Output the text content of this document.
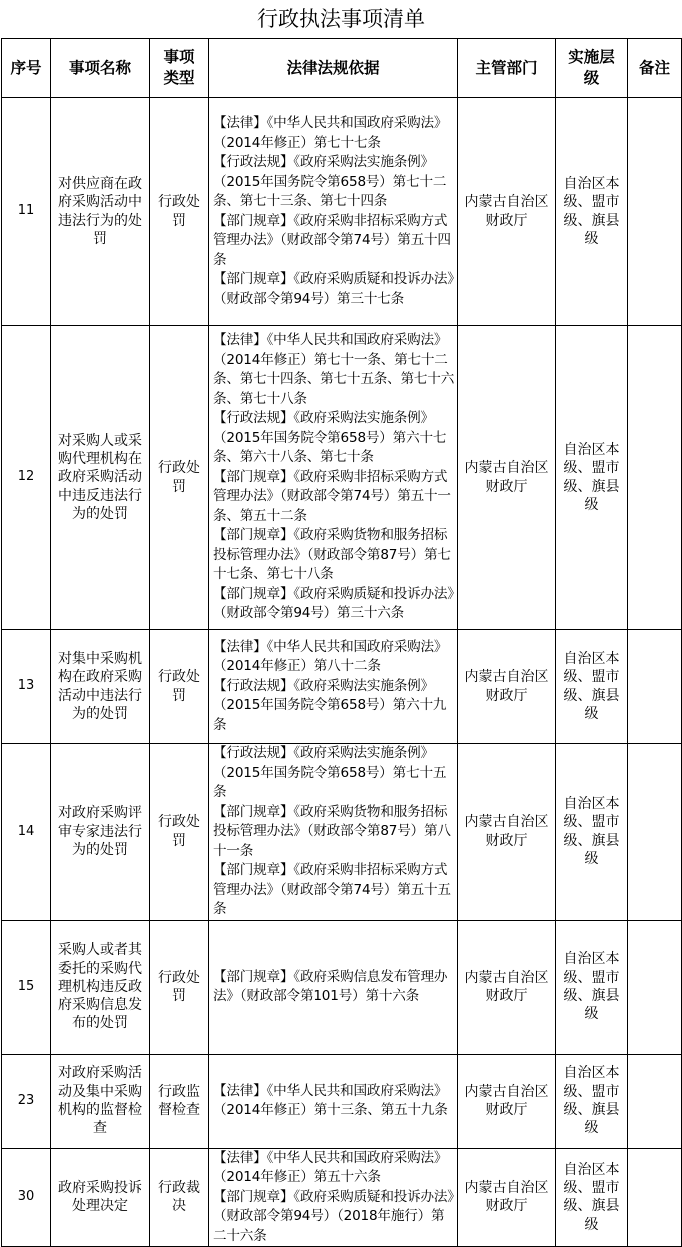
行政执法事项清单
序号	事项名称	事项类型	法律法规依据	主管部门	实施层级	备注
11	对供应商在政府采购活动中违法行为的处罚	行政处罚	【法律】《中华人民共和国政府采购法》（2014年修正）第七十七条
【行政法规】《政府采购法实施条例》（2015年国务院令第658号）第七十二条、第七十三条、第七十四条
【部门规章】《政府采购非招标采购方式管理办法》（财政部令第74号）第五十四条
【部门规章】《政府采购质疑和投诉办法》（财政部令第94号）第三十七条	内蒙古自治区财政厅	自治区本级、盟市级、旗县级	
12	对采购人或采购代理机构在政府采购活动中违反违法行为的处罚	行政处罚	【法律】《中华人民共和国政府采购法》（2014年修正）第七十一条、第七十二条、第七十四条、第七十五条、第七十六条、第七十八条
【行政法规】《政府采购法实施条例》（2015年国务院令第658号）第六十七条、第六十八条、第七十条
【部门规章】《政府采购非招标采购方式管理办法》（财政部令第74号）第五十一条、第五十二条
【部门规章】《政府采购货物和服务招标投标管理办法》（财政部令第87号）第七十七条、第七十八条
【部门规章】《政府采购质疑和投诉办法》（财政部令第94号）第三十六条	内蒙古自治区财政厅	自治区本级、盟市级、旗县级	
13	对集中采购机构在政府采购活动中违法行为的处罚	行政处罚	【法律】《中华人民共和国政府采购法》（2014年修正）第八十二条
【行政法规】《政府采购法实施条例》（2015年国务院令第658号）第六十九条	内蒙古自治区财政厅	自治区本级、盟市级、旗县级	
14	对政府采购评审专家违法行为的处罚	行政处罚	【行政法规】《政府采购法实施条例》（2015年国务院令第658号）第七十五条
【部门规章】《政府采购货物和服务招标投标管理办法》（财政部令第87号）第八十一条
【部门规章】《政府采购非招标采购方式管理办法》（财政部令第74号）第五十五条	内蒙古自治区财政厅	自治区本级、盟市级、旗县级	
15	采购人或者其委托的采购代理机构违反政府采购信息发布的处罚	行政处罚	【部门规章】《政府采购信息发布管理办法》（财政部令第101号）第十六条	内蒙古自治区财政厅	自治区本级、盟市级、旗县级	
23	对政府采购活动及集中采购机构的监督检查	行政监督检查	【法律】《中华人民共和国政府采购法》（2014年修正）第十三条、第五十九条	内蒙古自治区财政厅	自治区本级、盟市级、旗县级	
30	政府采购投诉处理决定	行政裁决	【法律】《中华人民共和国政府采购法》（2014年修正）第五十六条
【部门规章】《政府采购质疑和投诉办法》（财政部令第94号）（2018年施行）第二十六条	内蒙古自治区财政厅	自治区本级、盟市级、旗县级	
